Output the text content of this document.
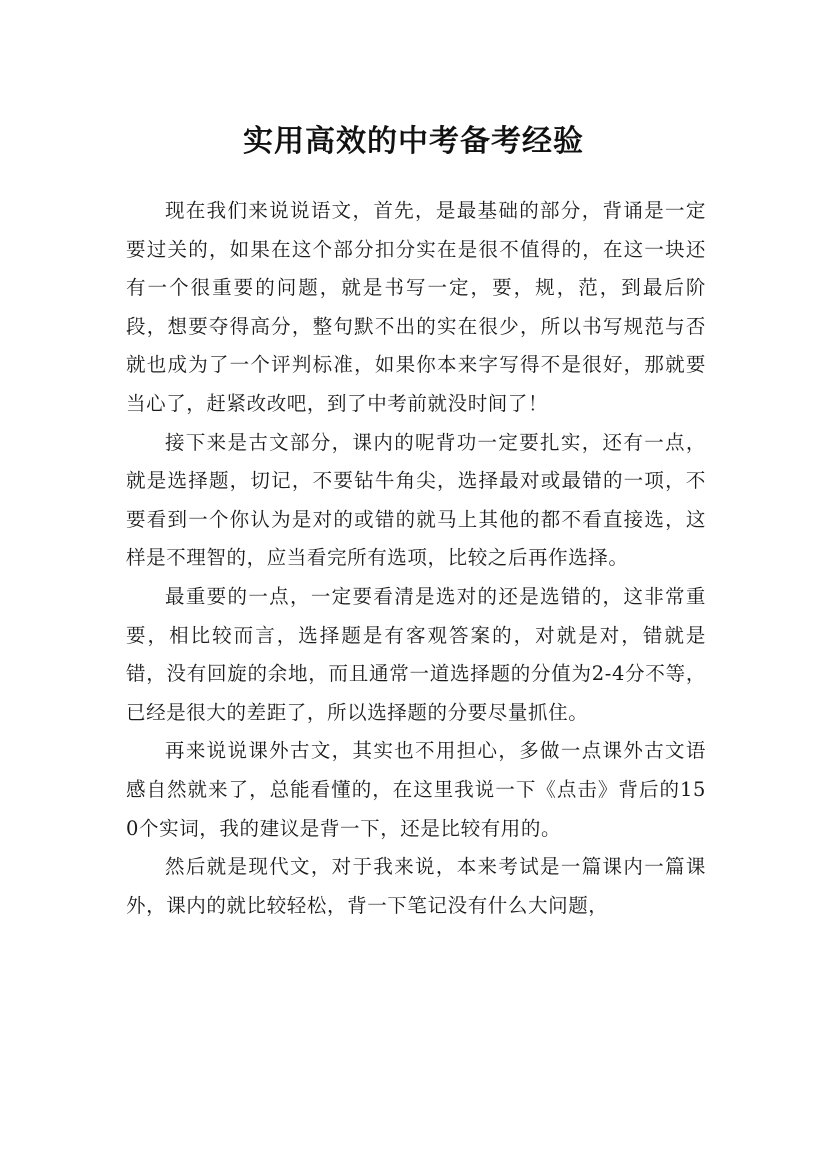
实用高效的中考备考经验

现在我们来说说语文，首先，是最基础的部分，背诵是一定要过关的，如果在这个部分扣分实在是很不值得的，在这一块还有一个很重要的问题，就是书写一定，要，规，范，到最后阶段，想要夺得高分，整句默不出的实在很少，所以书写规范与否就也成为了一个评判标准，如果你本来字写得不是很好，那就要当心了，赶紧改改吧，到了中考前就没时间了！

接下来是古文部分，课内的呢背功一定要扎实，还有一点，就是选择题，切记，不要钻牛角尖，选择最对或最错的一项，不要看到一个你认为是对的或错的就马上其他的都不看直接选，这样是不理智的，应当看完所有选项，比较之后再作选择。

最重要的一点，一定要看清是选对的还是选错的，这非常重要，相比较而言，选择题是有客观答案的，对就是对，错就是错，没有回旋的余地，而且通常一道选择题的分值为2-4分不等，已经是很大的差距了，所以选择题的分要尽量抓住。

再来说说课外古文，其实也不用担心，多做一点课外古文语感自然就来了，总能看懂的，在这里我说一下《点击》背后的150个实词，我的建议是背一下，还是比较有用的。

然后就是现代文，对于我来说，本来考试是一篇课内一篇课外，课内的就比较轻松，背一下笔记没有什么大问题，
